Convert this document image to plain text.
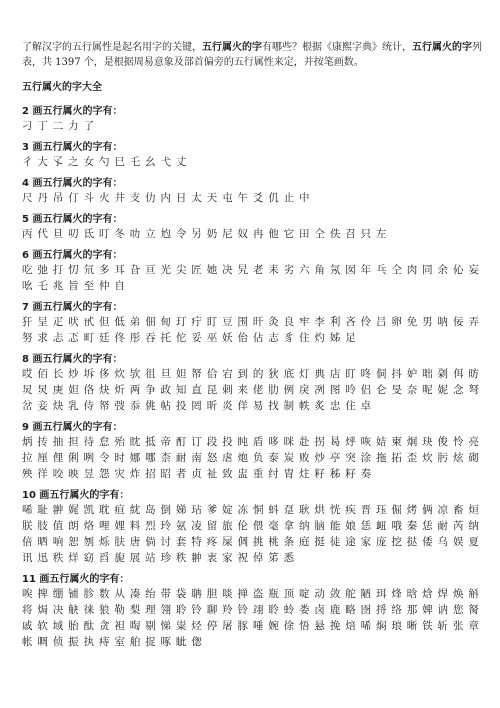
了解汉字的五行属性是起名用字的关键，五行属火的字有哪些？根据《康熙字典》统计，五行属火的字列表，共 1397 个，是根据周易意象及部首偏旁的五行属性来定，并按笔画数。

五行属火的字大全
2 画五行属火的字有：
刁 丁 二 力 了
3 画五行属火的字有：
彳 大 孓 之 女 勺 巳 乇 幺 弋 丈
4 画五行属火的字有：
尺 丹 吊 仃 斗 火 井 支 仂 内 日 太 天 屯 午 爻 仉 止 中
5 画五行属火的字有：
丙 代 旦 叨 氐 叮 冬 叻 立 尥 令 另 奶 尼 奴 冉 他 它 田 仝 佚 召 只 左
6 画五行属火的字有：
吃 弛 打 忉 氘 多 耳 旮 亘 光 尖 匠 她 决 旯 老 耒 劣 六 角 氖 囡 年 乓 仝 肉 同 余 伈 妄
吆 乇 兆 旨 至 仲 自
7 画五行属火的字有：
犴 呈 疋 吠 甙 但 低 弟 佃 甸 玎 疔 盯 豆 围 旰 灸 良 牢 李 利 吝 伶 吕 卵 免 男 呐 佞 弄
努 求 忐 忑 町 廷 佟 彤 吞 托 佗 妥 巫 妖 佁 佔 志 豸 住 灼 姊 足
8 画五行属火的字有：
哎 佰 长 炒 坼 侈 炊 欤 徂 旦 妲 帑 佮 宕 到 的 狄 底 灯 典 店 盯 咚 侗 抖 妒 咄 刴 佴 昉
炅 炅 庚 妲 佫 炔 炘 两 争 政 知 直 昆 刺 来 佬 肋 例 戾 冽 图 呤 侣 仑 旻 奈 呢 妮 念 弩
岔 妾 炔 乳 侍 帑 弢 忝 佻 帖 投 罔 昕 炎 佯 易 找 制 帙 炙 忠 住 卓
9 画五行属火的字有：
炳 抟 抽 担 待 怠 殆 眈 抵 帝 酊 订 段 投 盹 盾 哆 咪 赴 拐 曷 烀 咴 姞 柬 炯 玦 俊 怜 亮
拉 厘 俚 俐 咧 令 时 娜 哪 柰 耐 南 怒 虐 炮 负 泰 炭 败 炒 亭 突 涂 拖 拓 歪 炊 肟 炫 砌
殃 徉 咬 映 昱 怨 灾 炸 招 昭 者 贞 祉 致 盅 重 纣 胄 炷 籽 秭 籽 奏
10 画五行属火的字有：
唏 耻 翀 娓 凯 耽 疸 紞 岛 倒 娣 玷 爹 婝 冻 恫 蚪 趸 耿 烘 恍 疾 晋 珏 倔 烤 俩 凉 畜 烜
朕 肢 值 朗 烙 哩 娌 料 烈 玲 氨 凌 留 旅 伦 偎 毫 拿 纳 脑 能 娘 恁 衄 哦 秦 恁 耐 芮 纳
倍 晒 响 恕 刎 烁 肤 唐 倘 讨 套 特 疼 屎 倜 挑 桃 条 庭 挺 徒 途 家 庞 挖 挞 倭 乌 娱 夏
讯 迅 秩 烊 窈 舀 旎 展 站 珍 秩 翀 衷 家 祝 倬 笫 悉
11 画五行属火的字有：
唉 捭 绷 铺 胗 数 从 凑 绐 带 袋 聃 胆 啖 掸 盗 瓶 顶 啶 动 敛 舵 陋 珥 烽 晗 焓 焊 焕 斛
将 焗 决 觖 徕 狼 勒 梨 理 翎 聆 铃 聊 羚 铃 翊 聆 蛉 娄 卤 鹿 略 囹 捋 络 那 婢 讷 您 胬
戚 软 域 胎 酞 贪 袒 啕 剔 悌 粜 烃 停 屠 豚 唾 婉 徐 悟 悬 挽 焙 唏 焖 琅 晰 铁 斩 张 章
帐 啁 侦 振 执 痔 室 舶 捉 啄 眦 偬
